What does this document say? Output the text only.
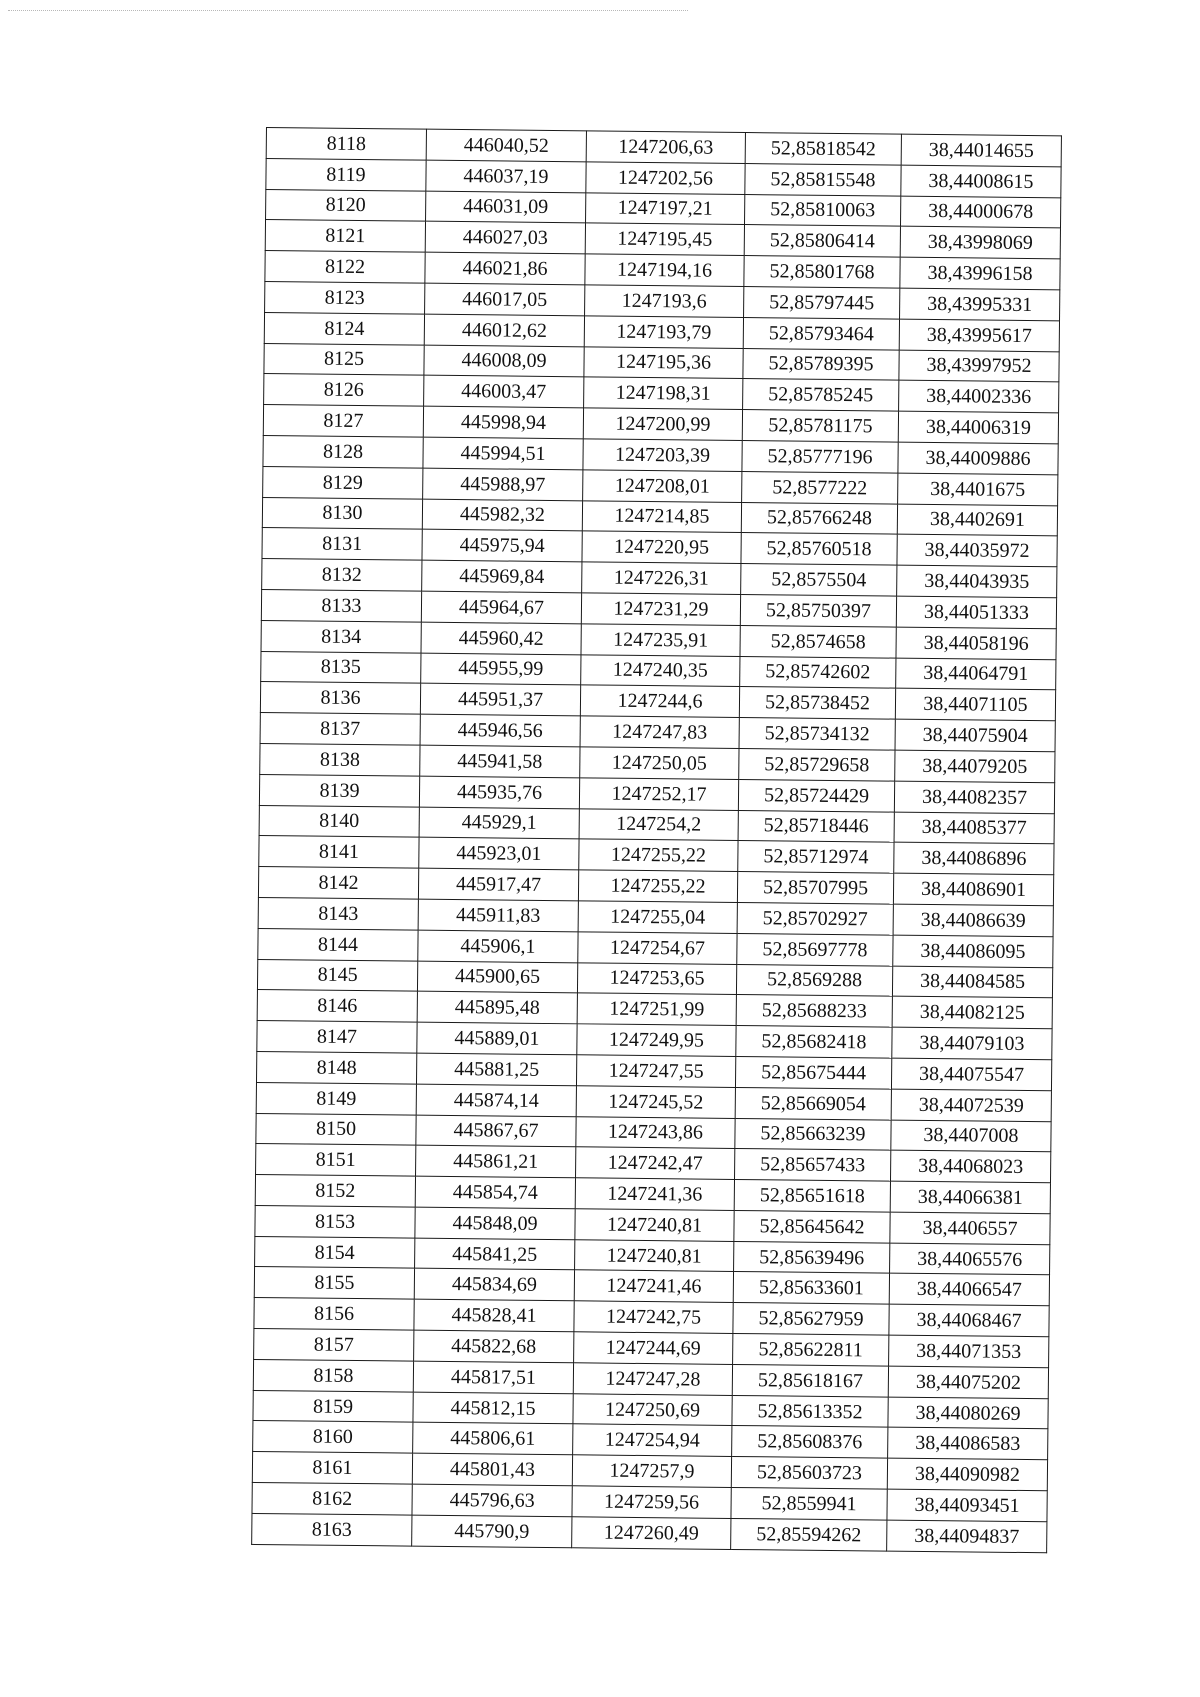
8118	446040,52	1247206,63	52,85818542	38,44014655
8119	446037,19	1247202,56	52,85815548	38,44008615
8120	446031,09	1247197,21	52,85810063	38,44000678
8121	446027,03	1247195,45	52,85806414	38,43998069
8122	446021,86	1247194,16	52,85801768	38,43996158
8123	446017,05	1247193,6	52,85797445	38,43995331
8124	446012,62	1247193,79	52,85793464	38,43995617
8125	446008,09	1247195,36	52,85789395	38,43997952
8126	446003,47	1247198,31	52,85785245	38,44002336
8127	445998,94	1247200,99	52,85781175	38,44006319
8128	445994,51	1247203,39	52,85777196	38,44009886
8129	445988,97	1247208,01	52,8577222	38,4401675
8130	445982,32	1247214,85	52,85766248	38,4402691
8131	445975,94	1247220,95	52,85760518	38,44035972
8132	445969,84	1247226,31	52,8575504	38,44043935
8133	445964,67	1247231,29	52,85750397	38,44051333
8134	445960,42	1247235,91	52,8574658	38,44058196
8135	445955,99	1247240,35	52,85742602	38,44064791
8136	445951,37	1247244,6	52,85738452	38,44071105
8137	445946,56	1247247,83	52,85734132	38,44075904
8138	445941,58	1247250,05	52,85729658	38,44079205
8139	445935,76	1247252,17	52,85724429	38,44082357
8140	445929,1	1247254,2	52,85718446	38,44085377
8141	445923,01	1247255,22	52,85712974	38,44086896
8142	445917,47	1247255,22	52,85707995	38,44086901
8143	445911,83	1247255,04	52,85702927	38,44086639
8144	445906,1	1247254,67	52,85697778	38,44086095
8145	445900,65	1247253,65	52,8569288	38,44084585
8146	445895,48	1247251,99	52,85688233	38,44082125
8147	445889,01	1247249,95	52,85682418	38,44079103
8148	445881,25	1247247,55	52,85675444	38,44075547
8149	445874,14	1247245,52	52,85669054	38,44072539
8150	445867,67	1247243,86	52,85663239	38,4407008
8151	445861,21	1247242,47	52,85657433	38,44068023
8152	445854,74	1247241,36	52,85651618	38,44066381
8153	445848,09	1247240,81	52,85645642	38,4406557
8154	445841,25	1247240,81	52,85639496	38,44065576
8155	445834,69	1247241,46	52,85633601	38,44066547
8156	445828,41	1247242,75	52,85627959	38,44068467
8157	445822,68	1247244,69	52,85622811	38,44071353
8158	445817,51	1247247,28	52,85618167	38,44075202
8159	445812,15	1247250,69	52,85613352	38,44080269
8160	445806,61	1247254,94	52,85608376	38,44086583
8161	445801,43	1247257,9	52,85603723	38,44090982
8162	445796,63	1247259,56	52,8559941	38,44093451
8163	445790,9	1247260,49	52,85594262	38,44094837
